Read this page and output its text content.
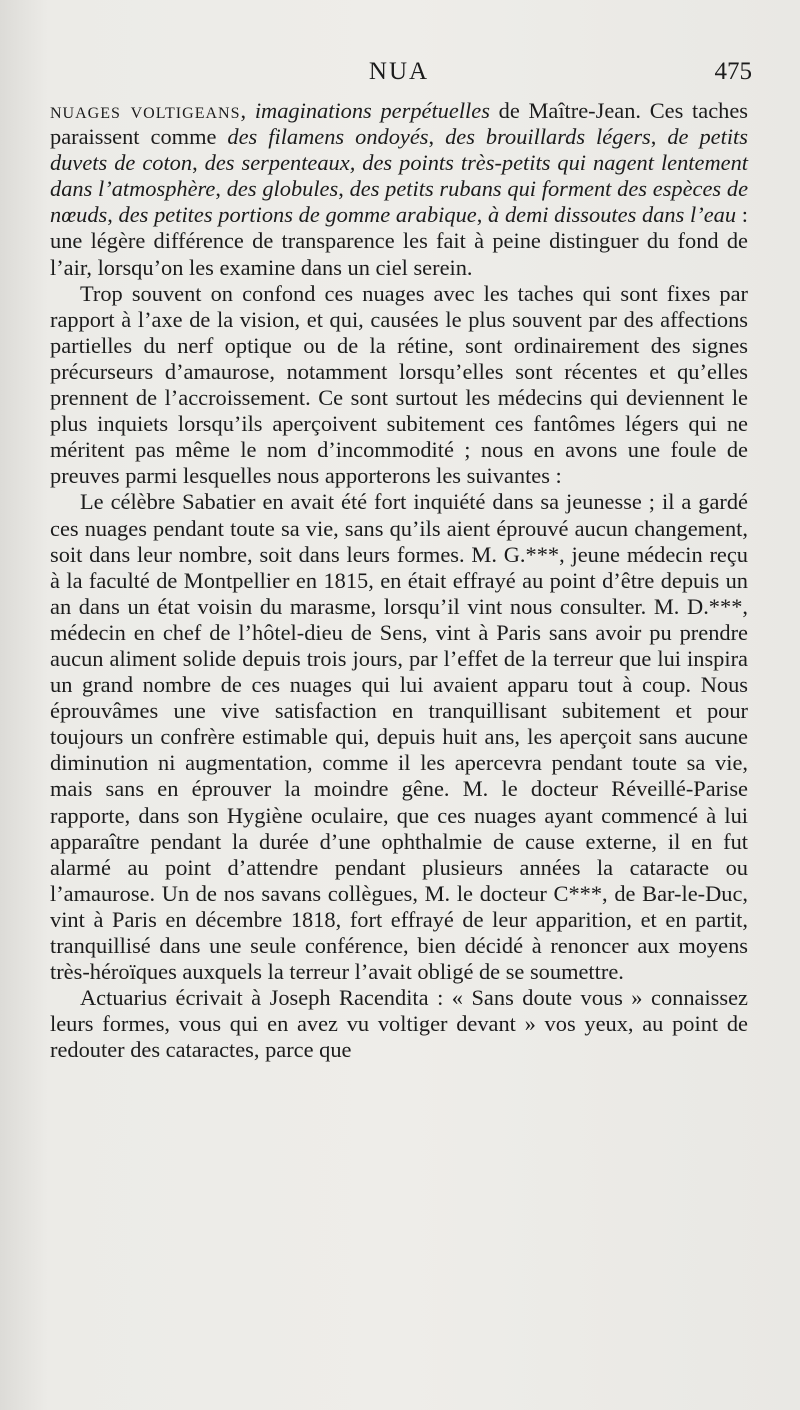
NUA	475

nuages voltigeans, imaginations perpétuelles de Maître-Jean. Ces taches paraissent comme des filamens ondoyés, des brouillards légers, de petits duvets de coton, des serpenteaux, des points très-petits qui nagent lentement dans l’atmosphère, des globules, des petits rubans qui forment des espèces de nœuds, des petites portions de gomme arabique, à demi dissoutes dans l’eau : une légère différence de transparence les fait à peine distinguer du fond de l’air, lorsqu’on les examine dans un ciel serein.

Trop souvent on confond ces nuages avec les taches qui sont fixes par rapport à l’axe de la vision, et qui, causées le plus souvent par des affections partielles du nerf optique ou de la rétine, sont ordinairement des signes précurseurs d’amaurose, notamment lorsqu’elles sont récentes et qu’elles prennent de l’accroissement. Ce sont surtout les médecins qui deviennent le plus inquiets lorsqu’ils aperçoivent subitement ces fantômes légers qui ne méritent pas même le nom d’incommodité ; nous en avons une foule de preuves parmi lesquelles nous apporterons les suivantes :

Le célèbre Sabatier en avait été fort inquiété dans sa jeunesse ; il a gardé ces nuages pendant toute sa vie, sans qu’ils aient éprouvé aucun changement, soit dans leur nombre, soit dans leurs formes. M. G.***, jeune médecin reçu à la faculté de Montpellier en 1815, en était effrayé au point d’être depuis un an dans un état voisin du marasme, lorsqu’il vint nous consulter. M. D.***, médecin en chef de l’hôtel-dieu de Sens, vint à Paris sans avoir pu prendre aucun aliment solide depuis trois jours, par l’effet de la terreur que lui inspira un grand nombre de ces nuages qui lui avaient apparu tout à coup. Nous éprouvâmes une vive satisfaction en tranquillisant subitement et pour toujours un confrère estimable qui, depuis huit ans, les aperçoit sans aucune diminution ni augmentation, comme il les apercevra pendant toute sa vie, mais sans en éprouver la moindre gêne. M. le docteur Réveillé-Parise rapporte, dans son Hygiène oculaire, que ces nuages ayant commencé à lui apparaître pendant la durée d’une ophthalmie de cause externe, il en fut alarmé au point d’attendre pendant plusieurs années la cataracte ou l’amaurose. Un de nos savans collègues, M. le docteur C***, de Bar-le-Duc, vint à Paris en décembre 1818, fort effrayé de leur apparition, et en partit, tranquillisé dans une seule conférence, bien décidé à renoncer aux moyens très-héroïques auxquels la terreur l’avait obligé de se soumettre.

Actuarius écrivait à Joseph Racendita : « Sans doute vous » connaissez leurs formes, vous qui en avez vu voltiger devant » vos yeux, au point de redouter des cataractes, parce que
